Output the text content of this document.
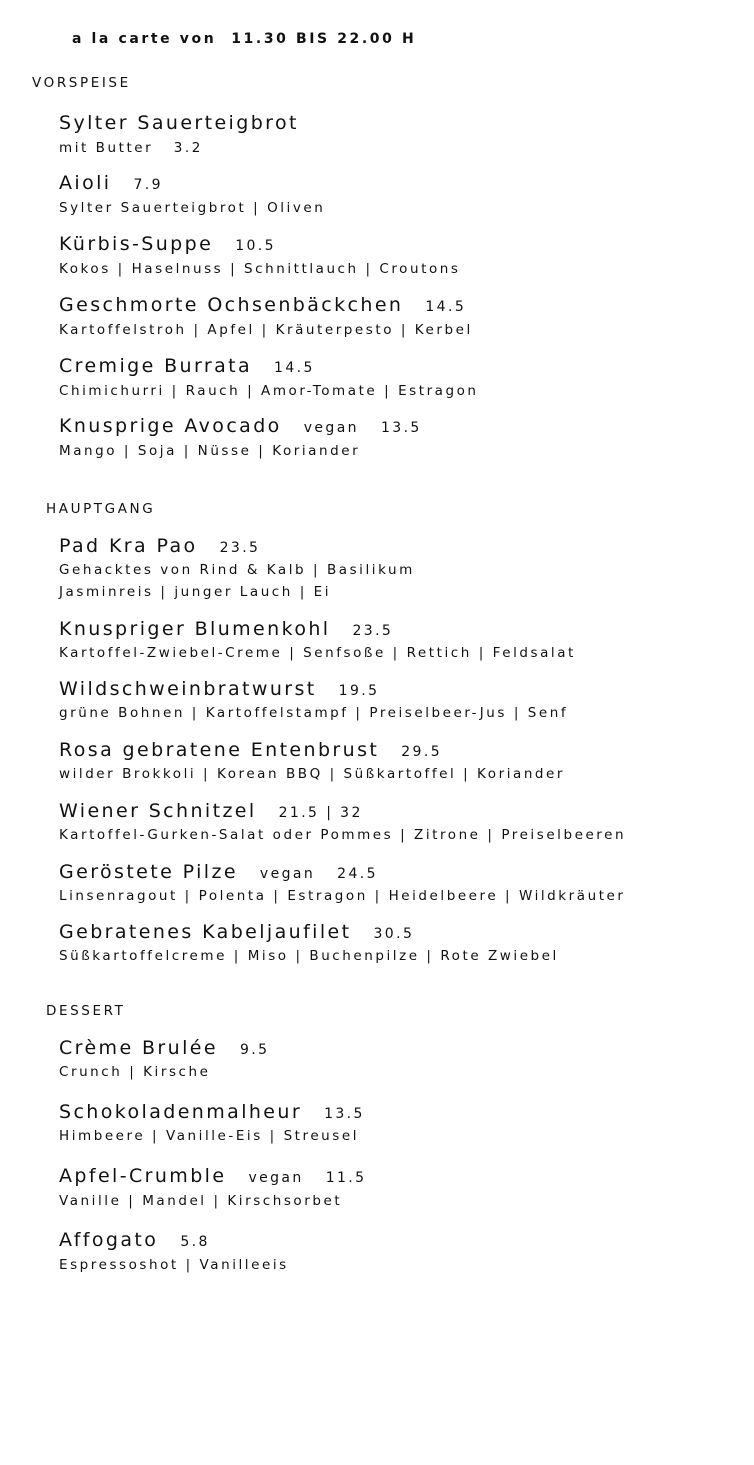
a la carte von  11.30 BIS 22.00 H
VORSPEISE
Sylter Sauerteigbrot
mit Butter   3.2
Aioli 7.9
Sylter Sauerteigbrot | Oliven
Kürbis-Suppe 10.5
Kokos | Haselnuss | Schnittlauch | Croutons
Geschmorte Ochsenbäckchen 14.5
Kartoffelstroh | Apfel | Kräuterpesto | Kerbel
Cremige Burrata 14.5
Chimichurri | Rauch | Amor-Tomate | Estragon
Knusprige Avocado vegan 13.5
Mango | Soja | Nüsse | Koriander
HAUPTGANG
Pad Kra Pao 23.5
Gehacktes von Rind & Kalb | Basilikum
Jasminreis | junger Lauch | Ei
Knuspriger Blumenkohl 23.5
Kartoffel-Zwiebel-Creme | Senfsoße | Rettich | Feldsalat
Wildschweinbratwurst 19.5
grüne Bohnen | Kartoffelstampf | Preiselbeer-Jus | Senf
Rosa gebratene Entenbrust 29.5
wilder Brokkoli | Korean BBQ | Süßkartoffel | Koriander
Wiener Schnitzel 21.5 | 32
Kartoffel-Gurken-Salat oder Pommes | Zitrone | Preiselbeeren
Geröstete Pilze vegan 24.5
Linsenragout | Polenta | Estragon | Heidelbeere | Wildkräuter
Gebratenes Kabeljaufilet 30.5
Süßkartoffelcreme | Miso | Buchenpilze | Rote Zwiebel
DESSERT
Crème Brulée 9.5
Crunch | Kirsche
Schokoladenmalheur 13.5
Himbeere | Vanille-Eis | Streusel
Apfel-Crumble vegan 11.5
Vanille | Mandel | Kirschsorbet
Affogato 5.8
Espressoshot | Vanilleeis
